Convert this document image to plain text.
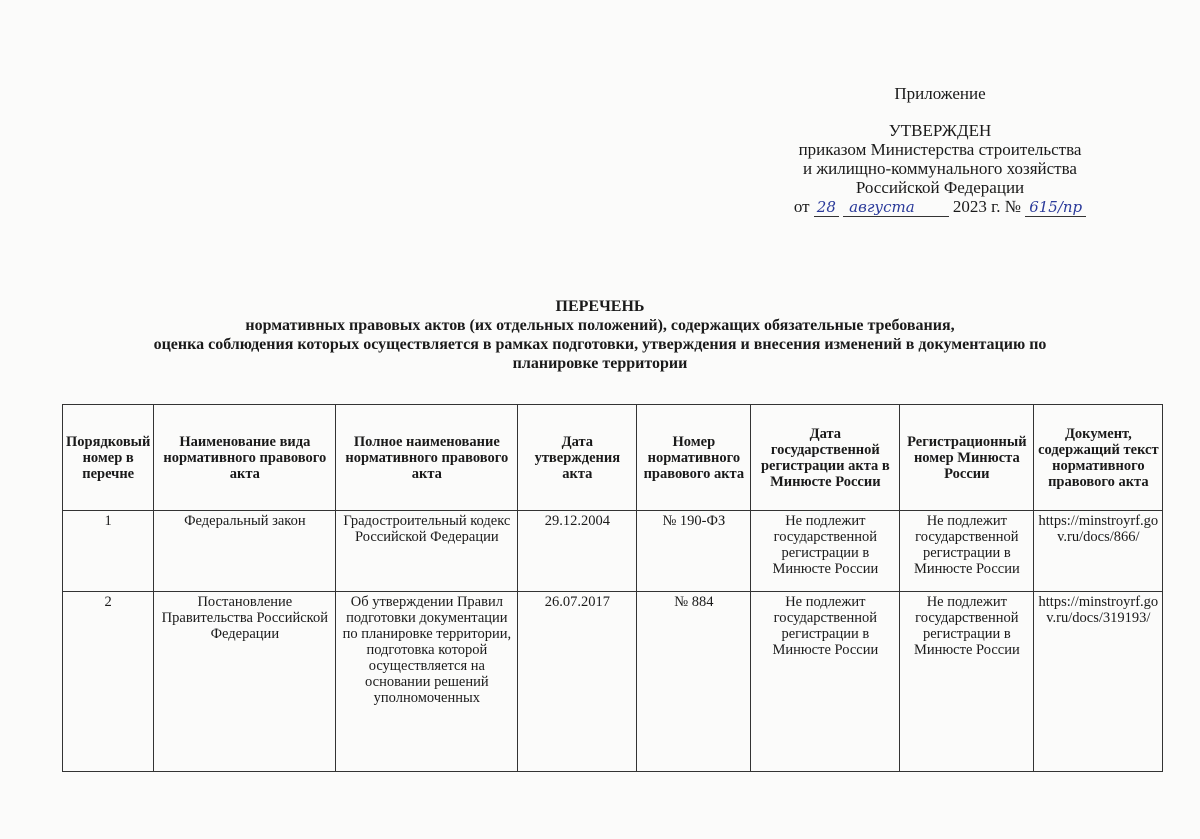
Приложение
УТВЕРЖДЕН
приказом Министерства строительства
и жилищно-коммунального хозяйства
Российской Федерации
от 28 августа 2023 г. № 615/пр
ПЕРЕЧЕНЬ
нормативных правовых актов (их отдельных положений), содержащих обязательные требования,
оценка соблюдения которых осуществляется в рамках подготовки, утверждения и внесения изменений в документацию по
планировке территории
Порядковый номер в перечне	Наименование вида нормативного правового акта	Полное наименование нормативного правового акта	Дата утверждения акта	Номер нормативного правового акта	Дата государственной регистрации акта в Минюсте России	Регистрационный номер Минюста России	Документ, содержащий текст нормативного правового акта
1	Федеральный закон	Градостроительный кодекс Российской Федерации	29.12.2004	№ 190-ФЗ	Не подлежит государственной регистрации в Минюсте России	Не подлежит государственной регистрации в Минюсте России	https://minstroyrf.gov.ru/docs/866/
2	Постановление Правительства Российской Федерации	Об утверждении Правил подготовки документации по планировке территории, подготовка которой осуществляется на основании решений уполномоченных	26.07.2017	№ 884	Не подлежит государственной регистрации в Минюсте России	Не подлежит государственной регистрации в Минюсте России	https://minstroyrf.gov.ru/docs/319193/
